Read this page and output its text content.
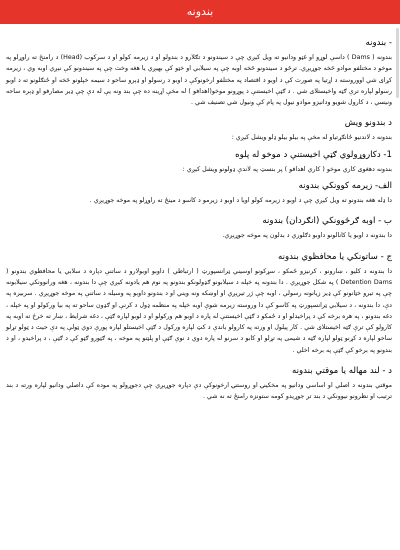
بندونه
- بندونه
بندونه ( Dams ) داسې لوړو او غټو ودانیو ته ویل کیږي چې د سیندونو د تګلارو د بندولو او د زیرمه کولو او د سرکوب (Head) د رامنځ ته راوړلو په موخو د مختلفو موادو څخه جوړیږي. ترڅو د سیندونو څخه اوبه چې په سیلابي او خټو کې بهیږي یا هغه وخت چې په سیندونو کې نیږي اوبه وي ، زیرمه کړای شي اووروسته د اړتیا په صورت کې د اوبو د اقتصاد په مختلفو ارخونوکې د اوبو د رسولو او ډېرو ساحو د سیمه خپلونو څخه او ځنګلونو ته د اوبو رسولو لپاره ترې ګټه واخیستلای شي . د ګټې اخیستنې د پوړونو موخو(اهدافو ) له مخې اړینه ده چې بند ونه یې له دې چې ډیر مصارفو او ډېره ساحه ونیسي ، د کارول شویو ودانیزو موادو نیول په پام کې ونیول شي تصنیف شي .
د بندونو ویش
بندونه د لاندنیو ځانګړتیاو له مخې په بیلو بیلو ډلو ویشل کیږي :
1- دکاروړولوي ګټې اخیستنې د موخو له پلوه
بندونه دهغوی کاري موخو ( کاري اهدافو ) پر بنسټ په لاندې ډولونو ویشل کیږي :
الف- زیرمه کوونکي بندونه
دا ډله هغه بندونو ته ویل کیږي چې د اوبو د زیرمه کولو اویا د اوبو د زیرمو د کاسو د مینځ ته راوړلو په موخه جوړیږي .
ب - اوبه ګرځوونکي (انګردان) بندونه
دا بندونه د اوبو یا کانالونو داوبو دګلوري د بدلون په موخه جوړیږي.
ج - ساتونکي یا محافظوي بندونه
دا بندونه د کلیو ، ښارونو ، کرنیزو ځمکو ، سړکونو اوسیني ټرانسپورټ ( ارتباطي ) داوبو اوبولارو د ساتنې دپاره د سلابي یا محافظوي بندونو ( Detention Dams ) په شکل جوړیږي . دا بندونه په خپله د سیلابونو ګډولونکو بندونو په نوم هم یادونه کیږي چې دا بندونه ، هغه ورانوونکي سیلابونه چې په تیرو خټانونو کې ډیر زیانونه رسولي ، اوبه چې ژر تیریږي او اوښکه ونه ویني او د بندونو داوبو په وسیله د ساتنې په موخه جوړیږي . سربیره په دې، دا بندونه ، د سیلابي ټرانسپورټ په کاسو کې دا وروسته زیرمه شوې اوبه خپله په منظمه ډول د کرنې او ګډون ساحو ته په بیا ورکولو او په خپله ، دغه بندونو ، په هره برخه کې د پراخیدلو او د ځمکو د ګټې اخیستنې له پاره د اوبو هم ورکولو او د لوبو لپاره ګټې ، دغه شرایط ، ښار ته خرڅ ته اوبه په کارولو کې ترې ګټه اخیستلای شي . کار پیلول او ورته په کارولو باندې د کټ لپاره ورکول د ګټې اخیستلو لپاره پورې دوي ټولې په دې حیث د ټولو تړلو ساحو لپاره د کړنو ټولو لپاره ګټه د شیمی په تړلو او کابو د سرنو له پاره دوي د نوې ګټې او پلټنو په موخه ، په ګټورو ګټو کې د ګټې ، د پراخیدو ، او د بندونو په برخو کې ګټې په برخه اخلي .
د - لند مهاله یا موقتي بندونه
موقتي بندونه د اصلي او اساسي ودانیو په مخکینۍ او روستنۍ ارخونوکې دې دپاره جوړیږي چې دجوړولو په موده کې داصلي ودانیو لپاره ورته د بند ترتیب او نظرونو نیوونکي د بند تر جوړیدو کومه ستونزه رامنځ ته نه شي .
